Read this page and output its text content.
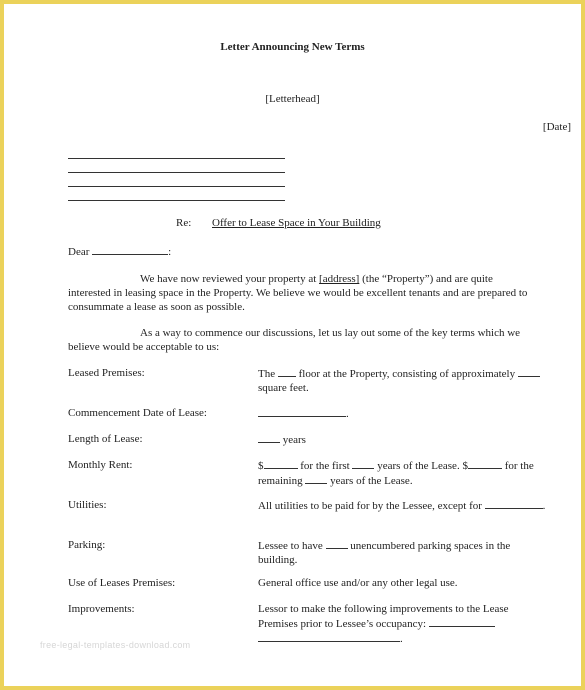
Letter Announcing New Terms
[Letterhead]
[Date]
Re: Offer to Lease Space in Your Building
Dear	:
We have now reviewed your property at [address] (the “Property”) and are quite interested in leasing space in the Property. We believe we would be excellent tenants and are prepared to consummate a lease as soon as possible.
As a way to commence our discussions, let us lay out some of the key terms which we believe would be acceptable to us:
Leased Premises:	The  floor at the Property, consisting of approximately  square feet.
Commencement Date of Lease:	.
Length of Lease:	years
Monthly Rent:	$	for the first  years of the Lease. $	for the remaining  years of the Lease.
Utilities:	All utilities to be paid for by the Lessee, except for	.
Parking:	Lessee to have  unencumbered parking spaces in the building.
Use of Leases Premises:	General office use and/or any other legal use.
Improvements:	Lessor to make the following improvements to the Lease Premises prior to Lessee’s occupancy:  .
free-legal-templates-download.com
